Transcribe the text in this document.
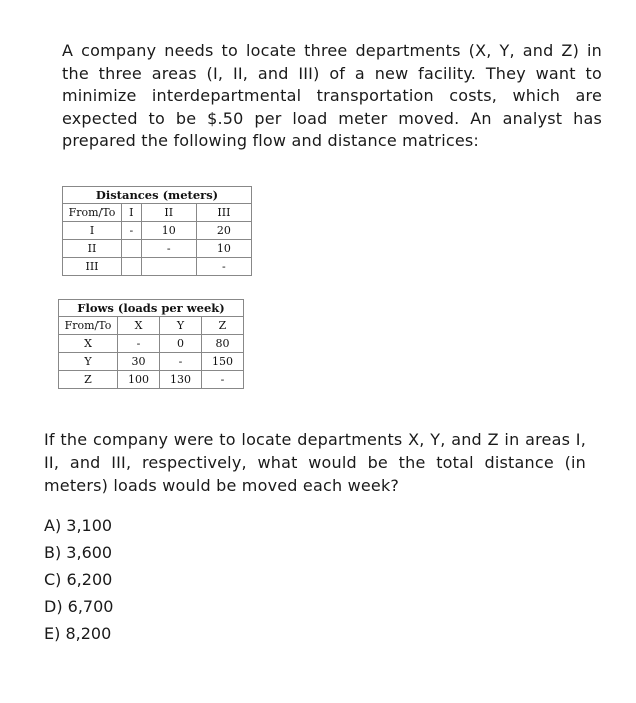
A company needs to locate three departments (X, Y, and Z) in the three areas (I, II, and III) of a new facility. They want to minimize interdepartmental transportation costs, which are expected to be $.50 per load meter moved. An analyst has prepared the following flow and distance matrices:
Distances (meters)			
From/To	I	II	III
I	-	10	20
II		-	10
III			-
Flows (loads per week)			
From/To	X	Y	Z
X	-	0	80
Y	30	-	150
Z	100	130	-
If the company were to locate departments X, Y, and Z in areas I, II, and III, respectively, what would be the total distance (in meters) loads would be moved each week?
A) 3,100
B) 3,600
C) 6,200
D) 6,700
E) 8,200
